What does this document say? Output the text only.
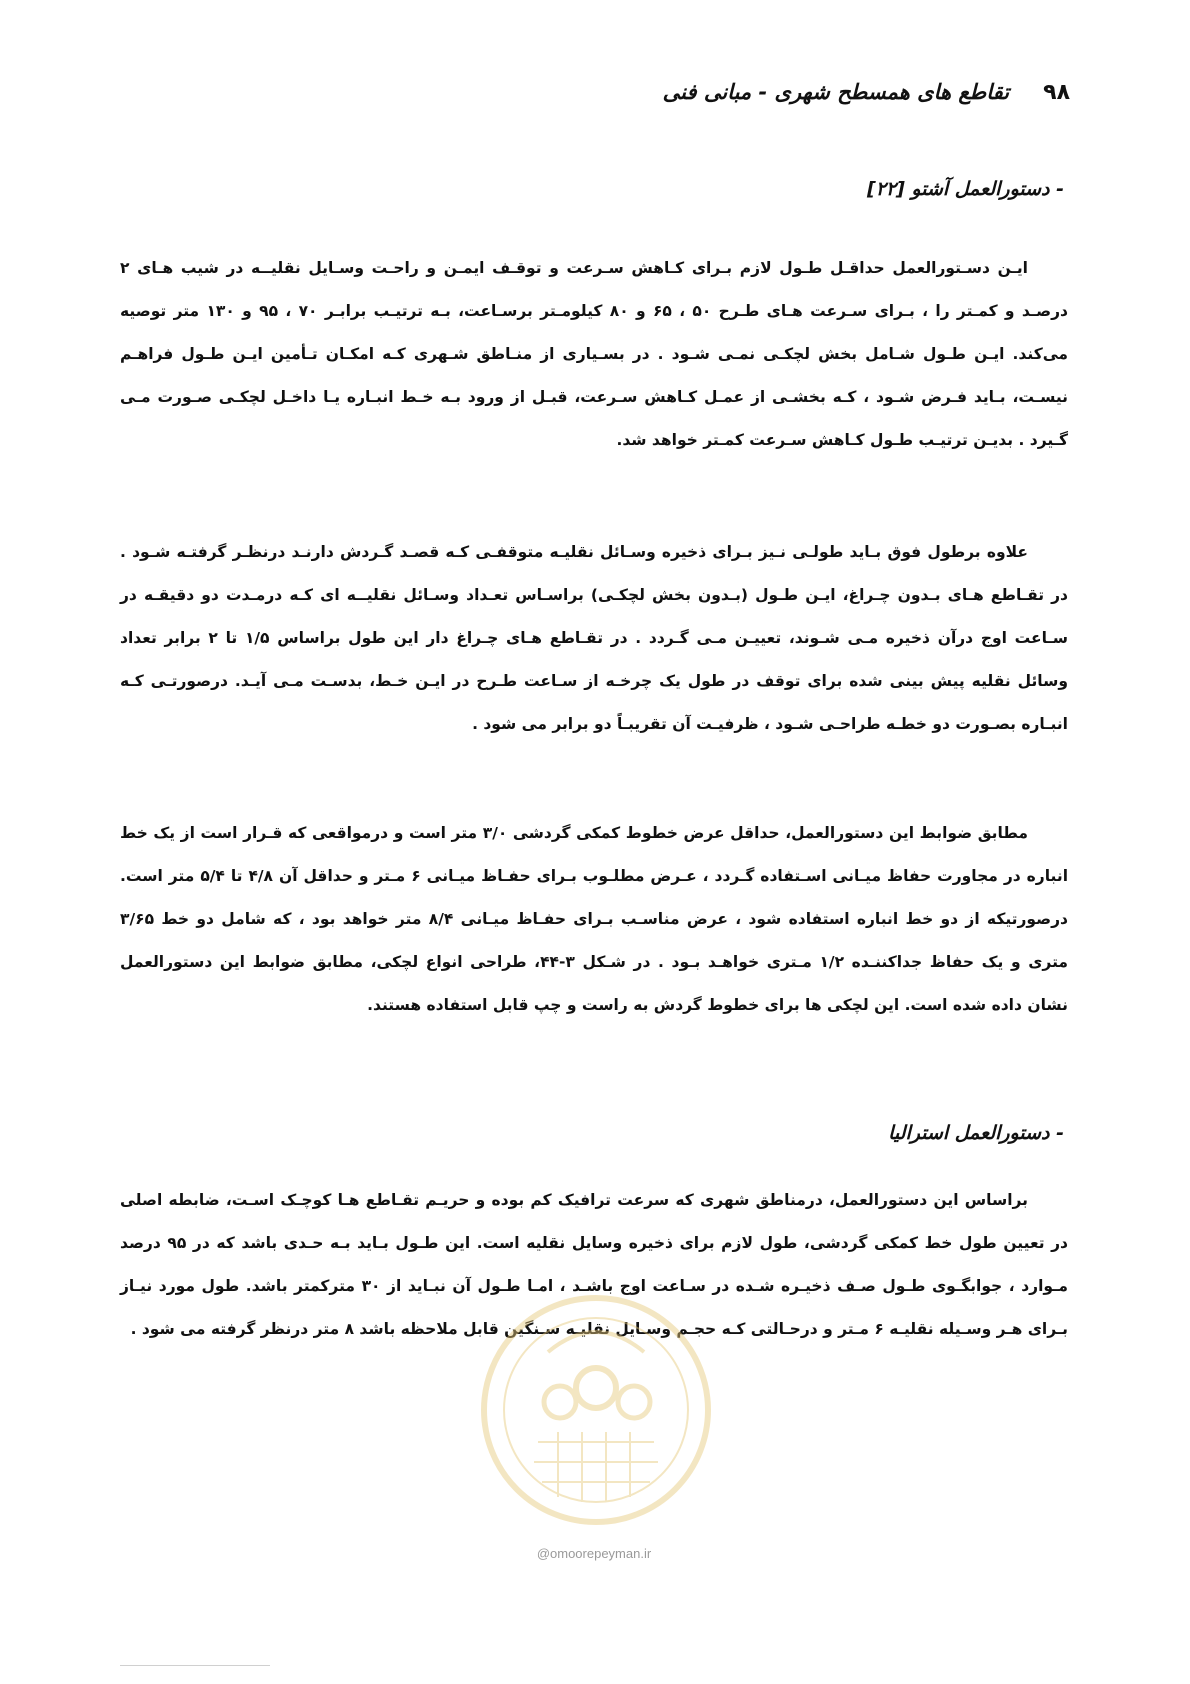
۹۸
تقاطع های همسطح شهری - مبانی فنی
- دستورالعمل آشتو [۲۲]

ایـن دسـتورالعمل حداقـل طـول لازم بـرای کـاهش سـرعت و توقـف ایمـن و راحـت وسـایل نقلیــه در شیب هـای ۲ درصـد و کمـتر را ، بـرای سـرعت هـای طـرح ۵۰ ، ۶۵ و ۸۰ کیلومـتر برسـاعت، بـه ترتیـب برابـر ۷۰ ، ۹۵ و ۱۳۰ متر توصیه می‌کند. ایـن طـول شـامل بخش لچکـی نمـی شـود . در بسـیاری از منـاطق شـهری کـه امکـان تـأمین ایـن طـول فراهـم نیسـت، بـاید فـرض شـود ، کـه بخشـی از عمـل کـاهش سـرعت، قبـل از ورود بـه خـط انبـاره یـا داخـل لچکـی صـورت مـی گـیرد . بدیـن ترتیـب طـول کـاهش سـرعت کمـتر خواهد شد.

علاوه برطول فوق بـاید طولـی نـیز بـرای ذخیره وسـائل نقلیـه متوقفـی کـه قصـد گـردش دارنـد درنظـر گرفتـه شـود . در تقـاطع هـای بـدون چـراغ، ایـن طـول (بـدون بخش لچکـی) براسـاس تعـداد وسـائل نقلیــه ای کـه درمـدت دو دقیقـه در سـاعت اوج درآن ذخیره مـی شـوند، تعییـن مـی گـردد . در تقـاطع هـای چـراغ دار این طول براساس ۱/۵ تا ۲ برابر تعداد وسائل نقلیه پیش بینی شده برای توقف در طول یک چرخـه از سـاعت طـرح در ایـن خـط، بدسـت مـی آیـد. درصورتـی کـه انبـاره بصـورت دو خطـه طراحـی شـود ، ظرفیـت آن تقریبـاً دو برابر می شود .

مطابق ضوابط این دستورالعمل، حداقل عرض خطوط کمکی گردشی ۳/۰ متر است و درمواقعی که قـرار است از یک خط انباره در مجاورت حفاظ میـانی اسـتفاده گـردد ، عـرض مطلـوب بـرای حفـاظ میـانی ۶ مـتر و حداقل آن ۴/۸ تا ۵/۴ متر است. درصورتیکه از دو خط انباره استفاده شود ، عرض مناسـب بـرای حفـاظ میـانی ۸/۴ متر خواهد بود ، که شامل دو خط ۳/۶۵ متری و یک حفاظ جداکننـده ۱/۲ مـتری خواهـد بـود . در شـکل ۳-۴۴، طراحی انواع لچکی، مطابق ضوابط این دستورالعمل نشان داده شده است. این لچکی ها برای خطوط گردش به راست و چپ قابل استفاده هستند.

- دستورالعمل استرالیا

براساس این دستورالعمل، درمناطق شهری که سرعت ترافیک کم بوده و حریـم تقـاطع هـا کوچـک اسـت، ضابطه اصلی در تعیین طول خط کمکی گردشی، طول لازم برای ذخیره وسایل نقلیه است. این طـول بـاید بـه حـدی باشد که در ۹۵ درصد مـوارد ، جوابگـوی طـول صـف ذخیـره شـده در سـاعت اوج باشـد ، امـا طـول آن نبـاید از ۳۰ مترکمتر باشد. طول مورد نیـاز بـرای هـر وسـیله نقلیـه ۶ مـتر و درحـالتی کـه حجـم وسـایل نقلیـه سـنگین قابل ملاحظه باشد ۸ متر درنظر گرفته می شود .

@omoorepeyman.ir
